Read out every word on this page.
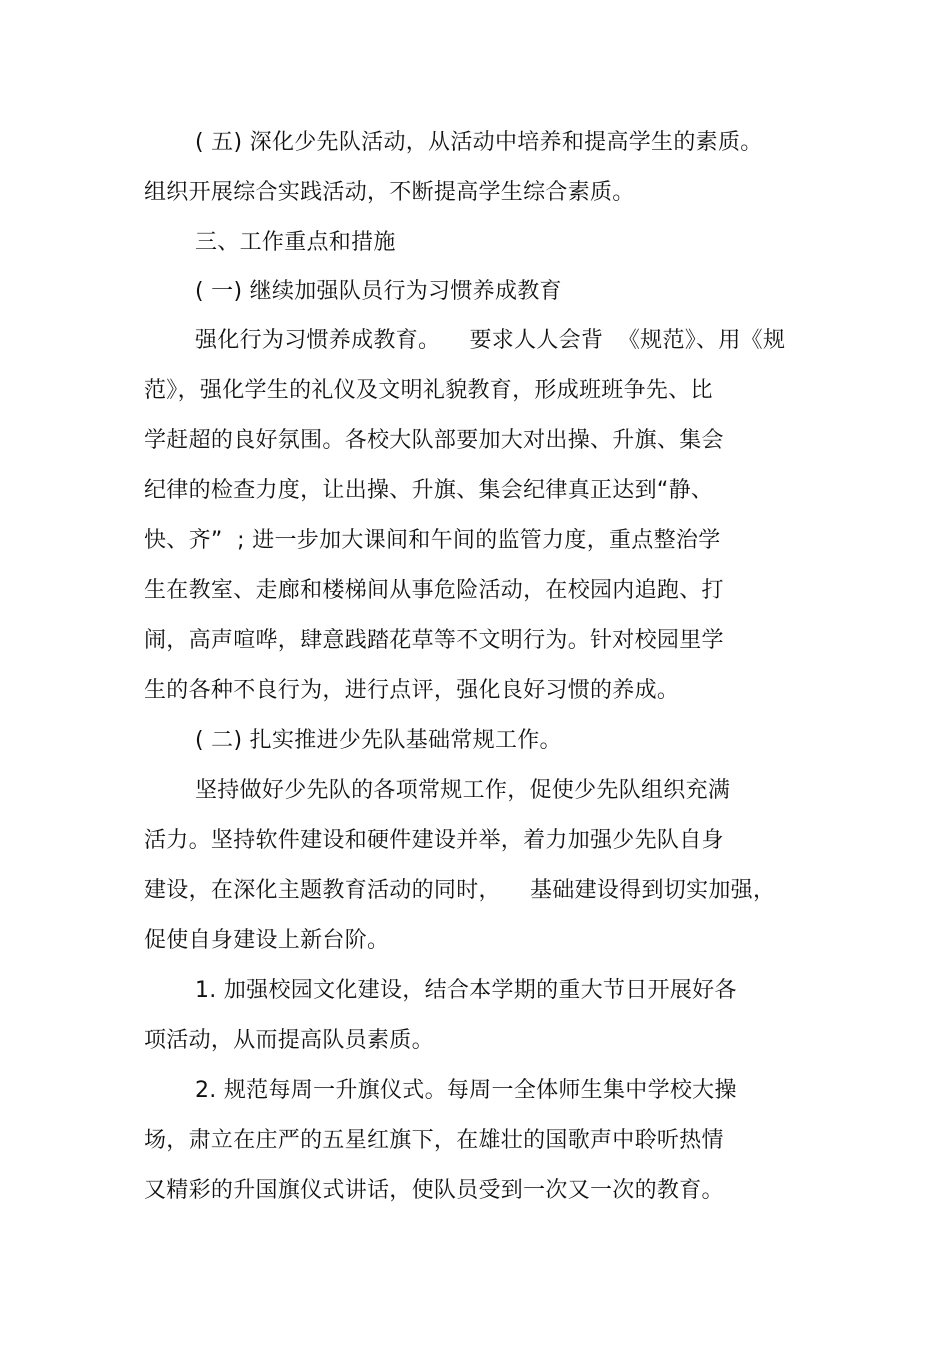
( 五) 深化少先队活动，从活动中培养和提高学生的素质。
组织开展综合实践活动，不断提高学生综合素质。
三、工作重点和措施
( 一) 继续加强队员行为习惯养成教育
强化行为习惯养成教育。    要求人人会背  《规范》、用《规
范》，强化学生的礼仪及文明礼貌教育，形成班班争先、比
学赶超的良好氛围。各校大队部要加大对出操、升旗、集会
纪律的检查力度，让出操、升旗、集会纪律真正达到“静、
快、齐”  ; 进一步加大课间和午间的监管力度，重点整治学
生在教室、走廊和楼梯间从事危险活动，在校园内追跑、打
闹，高声喧哗，肆意践踏花草等不文明行为。针对校园里学
生的各种不良行为，进行点评，强化良好习惯的养成。
( 二) 扎实推进少先队基础常规工作。
坚持做好少先队的各项常规工作，促使少先队组织充满
活力。坚持软件建设和硬件建设并举，着力加强少先队自身
建设，在深化主题教育活动的同时，    基础建设得到切实加强，
促使自身建设上新台阶。
1. 加强校园文化建设，结合本学期的重大节日开展好各
项活动，从而提高队员素质。
2. 规范每周一升旗仪式。每周一全体师生集中学校大操
场，肃立在庄严的五星红旗下，在雄壮的国歌声中聆听热情
又精彩的升国旗仪式讲话，使队员受到一次又一次的教育。
